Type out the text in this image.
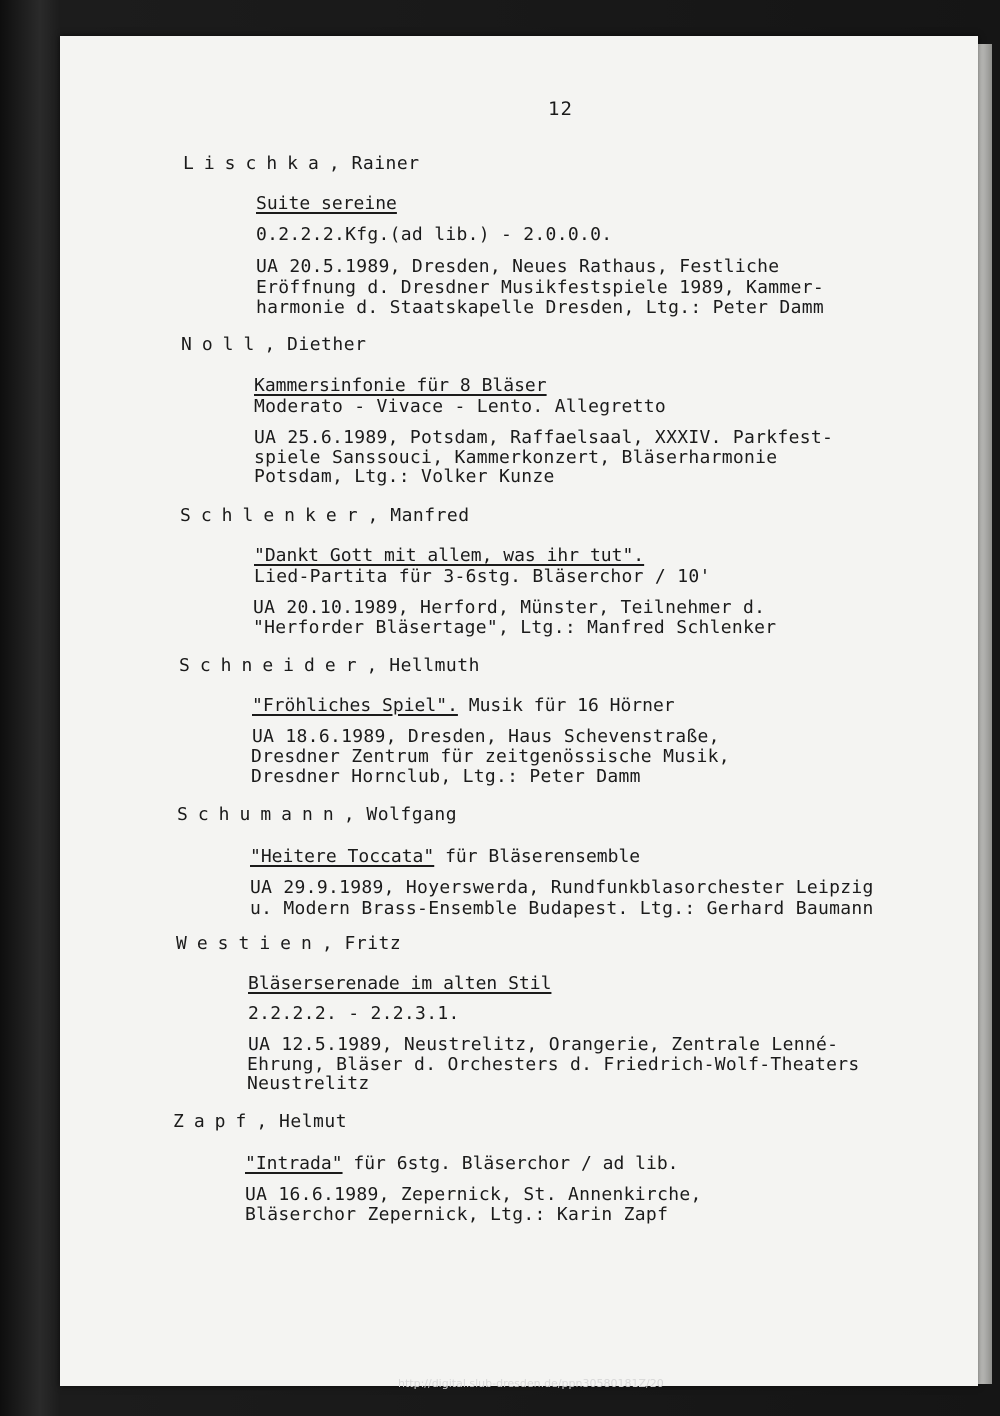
12
Lischka, Rainer
Suite sereine
0.2.2.2.Kfg.(ad lib.) - 2.0.0.0.
UA 20.5.1989, Dresden, Neues Rathaus, Festliche
Eröffnung d. Dresdner Musikfestspiele 1989, Kammer-
harmonie d. Staatskapelle Dresden, Ltg.: Peter Damm
Noll, Diether
Kammersinfonie für 8 Bläser
Moderato - Vivace - Lento. Allegretto
UA 25.6.1989, Potsdam, Raffaelsaal, XXXIV. Parkfest-
spiele Sanssouci, Kammerkonzert, Bläserharmonie
Potsdam, Ltg.: Volker Kunze
Schlenker, Manfred
"Dankt Gott mit allem, was ihr tut".
Lied-Partita für 3-6stg. Bläserchor / 10'
UA 20.10.1989, Herford, Münster, Teilnehmer d.
"Herforder Bläsertage", Ltg.: Manfred Schlenker
Schneider, Hellmuth
"Fröhliches Spiel". Musik für 16 Hörner
UA 18.6.1989, Dresden, Haus Schevenstraße,
Dresdner Zentrum für zeitgenössische Musik,
Dresdner Hornclub, Ltg.: Peter Damm
Schumann, Wolfgang
"Heitere Toccata" für Bläserensemble
UA 29.9.1989, Hoyerswerda, Rundfunkblasorchester Leipzig
u. Modern Brass-Ensemble Budapest. Ltg.: Gerhard Baumann
Westien, Fritz
Bläserserenade im alten Stil
2.2.2.2. - 2.2.3.1.
UA 12.5.1989, Neustrelitz, Orangerie, Zentrale Lenné-
Ehrung, Bläser d. Orchesters d. Friedrich-Wolf-Theaters
Neustrelitz
Zapf, Helmut
"Intrada" für 6stg. Bläserchor / ad lib.
UA 16.6.1989, Zepernick, St. Annenkirche,
Bläserchor Zepernick, Ltg.: Karin Zapf
http://digital.slub-dresden.de/ppn30580181Z/20
